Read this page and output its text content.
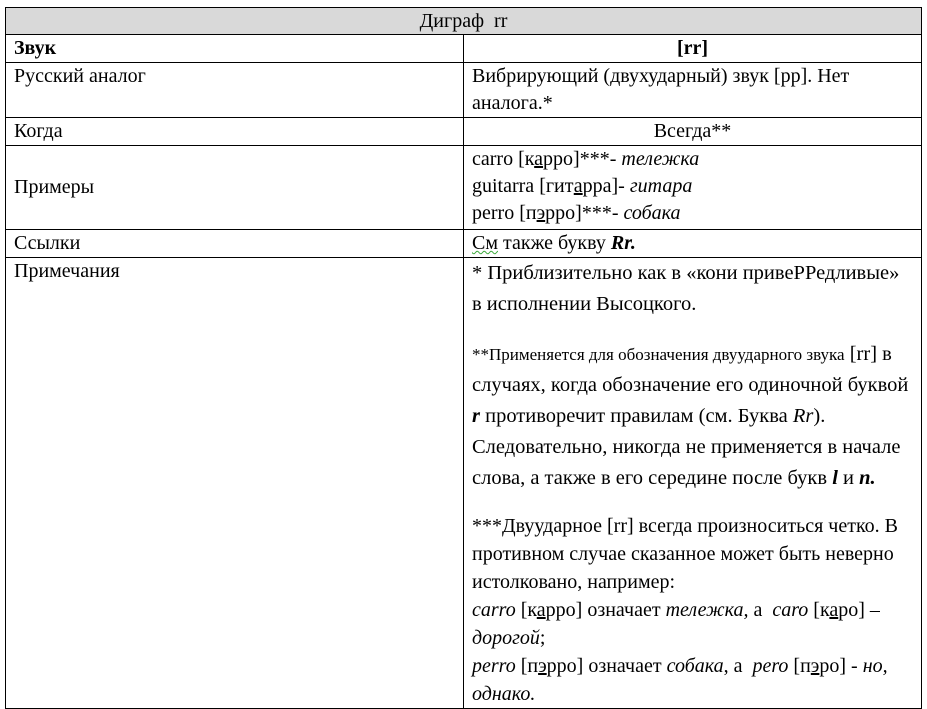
Диграф rr	
Звук	[rr]
Русский аналог	Вибрирующий (двухударный) звук [рр]. Нет аналога.*
Когда	Всегда**
Примеры	carro [карро]***- тележка
guitarra [гитарра]- гитара
perro [пэрро]***- собака

Ссылки	См также букву Rr.
Примечания	* Приблизительно как в «кони привеРРедливые» в исполнении Высоцкого.

**Применяется для обозначения двуударного звука [rr] в случаях, когда обозначение его одиночной буквой r противоречит правилам (см. Буква Rr). Следовательно, никогда не применяется в начале слова, а также в его середине после букв l и n.

***Двуударное [rr] всегда произноситься четко. В противном случае сказанное может быть неверно истолковано, например:
carro [карро] означает тележка, а caro [каро] – дорогой;
perro [пэрро] означает собака, а pero [пэро] - но, однако.
